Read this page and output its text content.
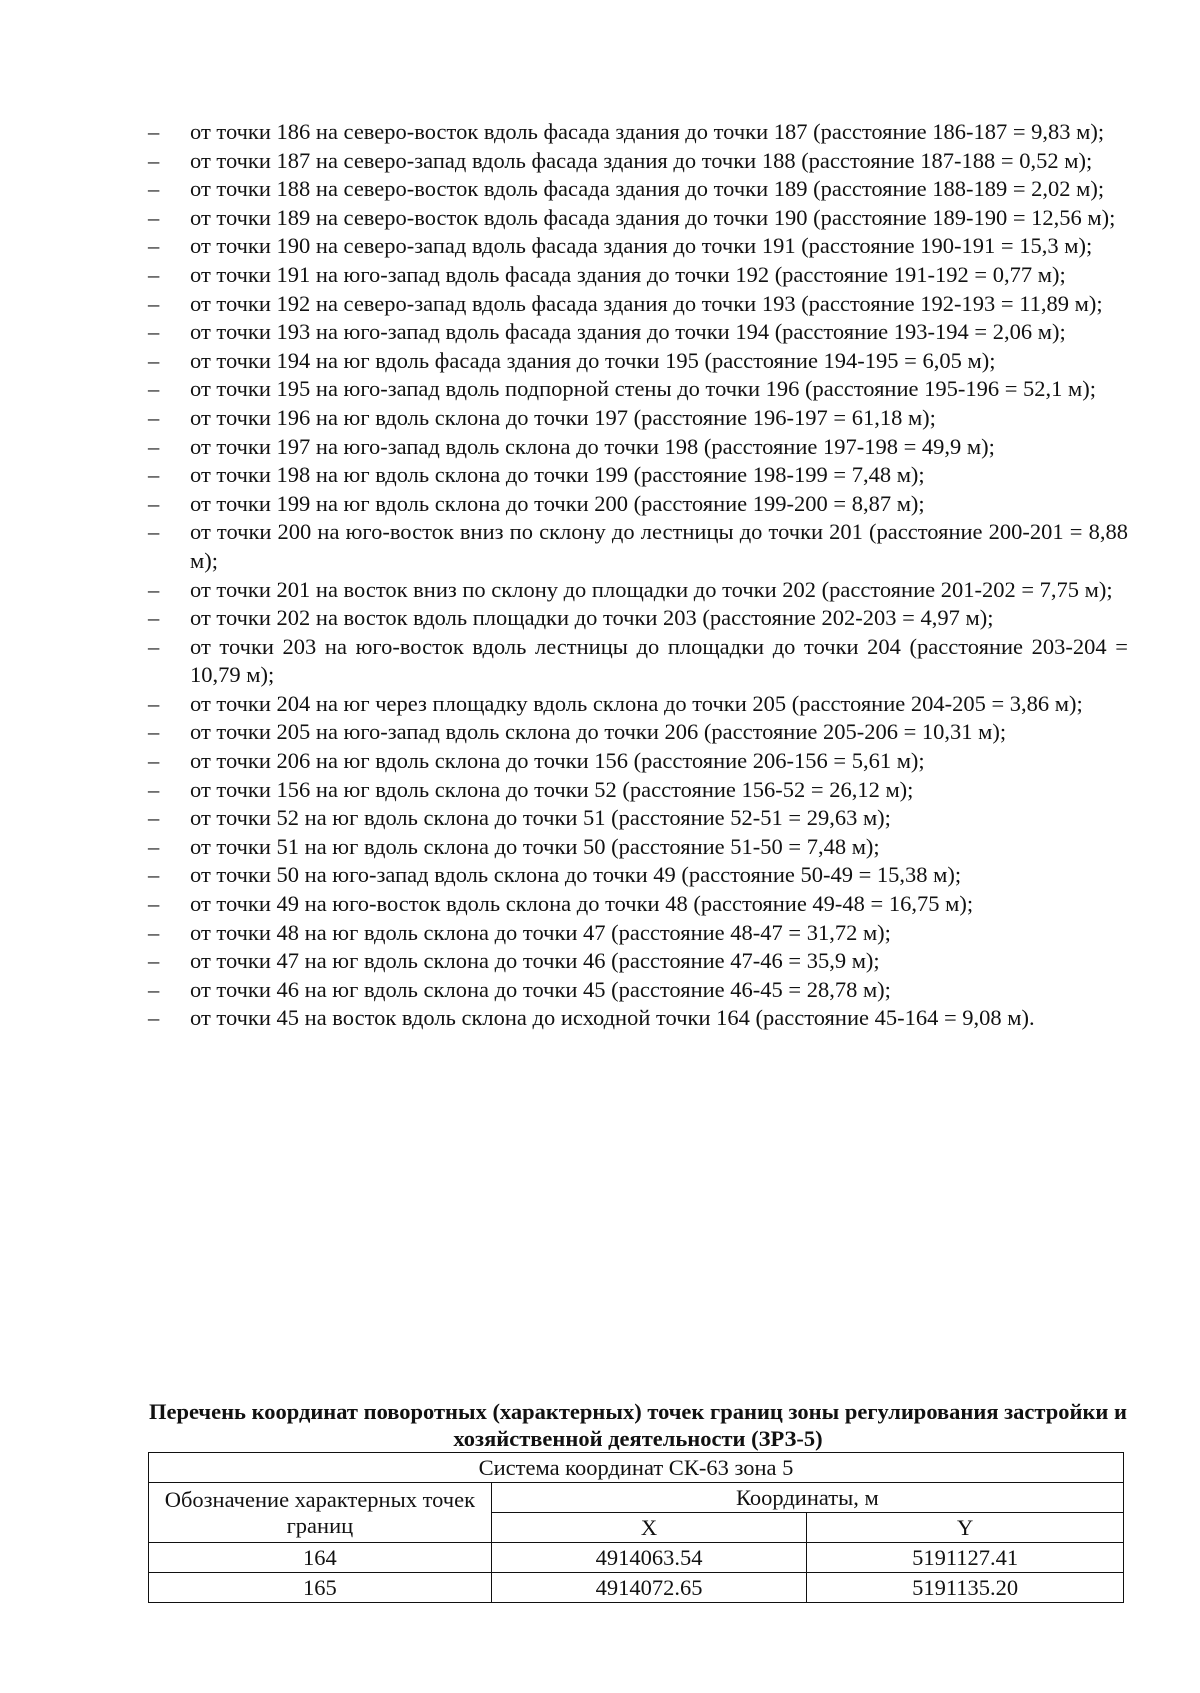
– от точки 186 на северо-восток вдоль фасада здания до точки 187 (расстояние 186-187 = 9,83 м);
– от точки 187 на северо-запад вдоль фасада здания до точки 188 (расстояние 187-188 = 0,52 м);
– от точки 188 на северо-восток вдоль фасада здания до точки 189 (расстояние 188-189 = 2,02 м);
– от точки 189 на северо-восток вдоль фасада здания до точки 190 (расстояние 189-190 = 12,56 м);
– от точки 190 на северо-запад вдоль фасада здания до точки 191 (расстояние 190-191 = 15,3 м);
– от точки 191 на юго-запад вдоль фасада здания до точки 192 (расстояние 191-192 = 0,77 м);
– от точки 192 на северо-запад вдоль фасада здания до точки 193 (расстояние 192-193 = 11,89 м);
– от точки 193 на юго-запад вдоль фасада здания до точки 194 (расстояние 193-194 = 2,06 м);
– от точки 194 на юг вдоль фасада здания до точки 195 (расстояние 194-195 = 6,05 м);
– от точки 195 на юго-запад вдоль подпорной стены до точки 196 (расстояние 195-196 = 52,1 м);
– от точки 196 на юг вдоль склона до точки 197 (расстояние 196-197 = 61,18 м);
– от точки 197 на юго-запад вдоль склона до точки 198 (расстояние 197-198 = 49,9 м);
– от точки 198 на юг вдоль склона до точки 199 (расстояние 198-199 = 7,48 м);
– от точки 199 на юг вдоль склона до точки 200 (расстояние 199-200 = 8,87 м);
– от точки 200 на юго-восток вниз по склону до лестницы до точки 201 (расстояние 200-201 = 8,88 м);
– от точки 201 на восток вниз по склону до площадки до точки 202 (расстояние 201-202 = 7,75 м);
– от точки 202 на восток вдоль площадки до точки 203 (расстояние 202-203 = 4,97 м);
– от точки 203 на юго-восток вдоль лестницы до площадки до точки 204 (расстояние 203-204 = 10,79 м);
– от точки 204 на юг через площадку вдоль склона до точки 205 (расстояние 204-205 = 3,86 м);
– от точки 205 на юго-запад вдоль склона до точки 206 (расстояние 205-206 = 10,31 м);
– от точки 206 на юг вдоль склона до точки 156 (расстояние 206-156 = 5,61 м);
– от точки 156 на юг вдоль склона до точки 52 (расстояние 156-52 = 26,12 м);
– от точки 52 на юг вдоль склона до точки 51 (расстояние 52-51 = 29,63 м);
– от точки 51 на юг вдоль склона до точки 50 (расстояние 51-50 = 7,48 м);
– от точки 50 на юго-запад вдоль склона до точки 49 (расстояние 50-49 = 15,38 м);
– от точки 49 на юго-восток вдоль склона до точки 48 (расстояние 49-48 = 16,75 м);
– от точки 48 на юг вдоль склона до точки 47 (расстояние 48-47 = 31,72 м);
– от точки 47 на юг вдоль склона до точки 46 (расстояние 47-46 = 35,9 м);
– от точки 46 на юг вдоль склона до точки 45 (расстояние 46-45 = 28,78 м);
– от точки 45 на восток вдоль склона до исходной точки 164 (расстояние 45-164 = 9,08 м).
Перечень координат поворотных (характерных) точек границ зоны регулирования застройки и хозяйственной деятельности (ЗРЗ-5)
Система координат СК-63 зона 5		
Обозначение характерных точек границ	Координаты, м	
	X	Y
164	4914063.54	5191127.41
165	4914072.65	5191135.20
